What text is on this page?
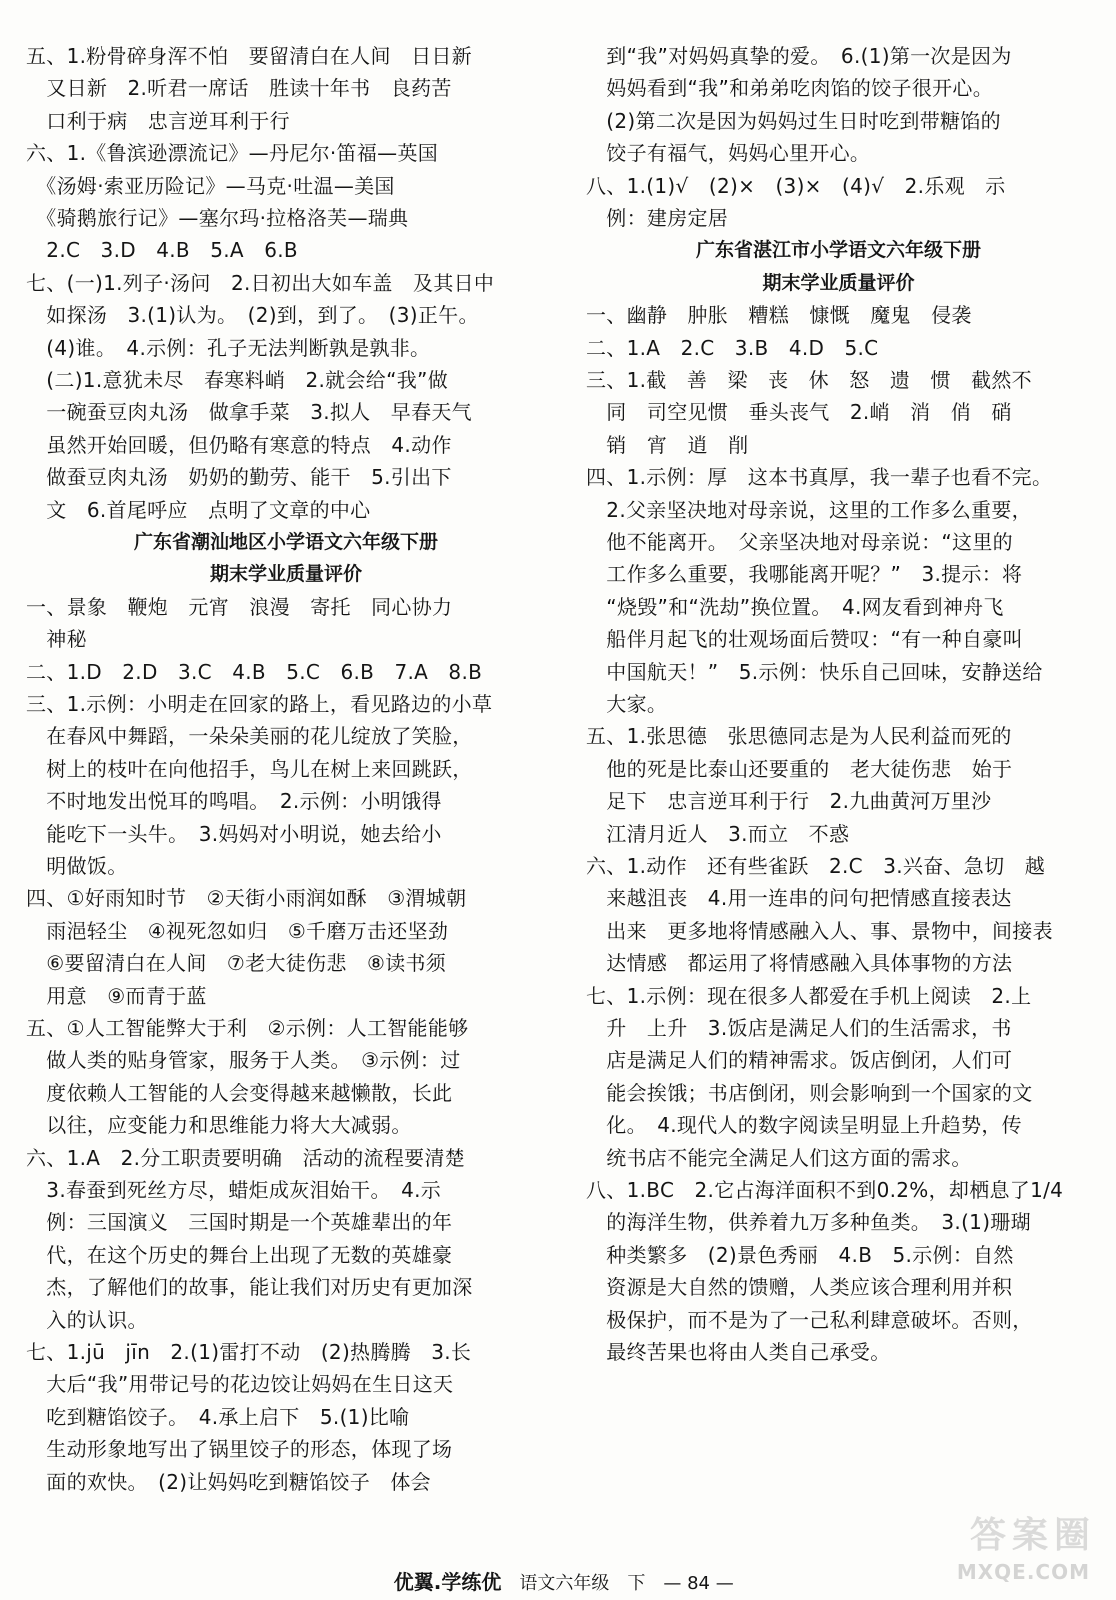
五、1.粉骨碎身浑不怕　要留清白在人间　日日新
　又日新　2.听君一席话　胜读十年书　良药苦
　口利于病　忠言逆耳利于行
六、1.《鲁滨逊漂流记》—丹尼尔·笛福—英国
　《汤姆·索亚历险记》—马克·吐温—美国
　《骑鹅旅行记》—塞尔玛·拉格洛芙—瑞典
　2.C　3.D　4.B　5.A　6.B
七、(一)1.列子·汤问　2.日初出大如车盖　及其日中
　如探汤　3.(1)认为。　(2)到，到了。　(3)正午。
　(4)谁。　4.示例：孔子无法判断孰是孰非。
　(二)1.意犹未尽　春寒料峭　2.就会给“我”做
　一碗蚕豆肉丸汤　做拿手菜　3.拟人　早春天气
　虽然开始回暖，但仍略有寒意的特点　4.动作
　做蚕豆肉丸汤　奶奶的勤劳、能干　5.引出下
　文　6.首尾呼应　点明了文章的中心
广东省潮汕地区小学语文六年级下册
期末学业质量评价
一、景象　鞭炮　元宵　浪漫　寄托　同心协力
　神秘
二、1.D　2.D　3.C　4.B　5.C　6.B　7.A　8.B
三、1.示例：小明走在回家的路上，看见路边的小草
　在春风中舞蹈，一朵朵美丽的花儿绽放了笑脸，
　树上的枝叶在向他招手，鸟儿在树上来回跳跃，
　不时地发出悦耳的鸣唱。　2.示例：小明饿得
　能吃下一头牛。　3.妈妈对小明说，她去给小
　明做饭。
四、①好雨知时节　②天街小雨润如酥　③渭城朝
　雨浥轻尘　④视死忽如归　⑤千磨万击还坚劲
　⑥要留清白在人间　⑦老大徒伤悲　⑧读书须
　用意　⑨而青于蓝
五、①人工智能弊大于利　②示例：人工智能能够
　做人类的贴身管家，服务于人类。　③示例：过
　度依赖人工智能的人会变得越来越懒散，长此
　以往，应变能力和思维能力将大大减弱。
六、1.A　2.分工职责要明确　活动的流程要清楚
　3.春蚕到死丝方尽，蜡炬成灰泪始干。　4.示
　例：三国演义　三国时期是一个英雄辈出的年
　代，在这个历史的舞台上出现了无数的英雄豪
　杰，了解他们的故事，能让我们对历史有更加深
　入的认识。
七、1.jū　jīn　2.(1)雷打不动　(2)热腾腾　3.长
　大后“我”用带记号的花边饺让妈妈在生日这天
　吃到糖馅饺子。　4.承上启下　5.(1)比喻
　生动形象地写出了锅里饺子的形态，体现了场
　面的欢快。　(2)让妈妈吃到糖馅饺子　体会
　到“我”对妈妈真挚的爱。　6.(1)第一次是因为
　妈妈看到“我”和弟弟吃肉馅的饺子很开心。
　(2)第二次是因为妈妈过生日时吃到带糖馅的
　饺子有福气，妈妈心里开心。
八、1.(1)√　(2)×　(3)×　(4)√　2.乐观　示
　例：建房定居
广东省湛江市小学语文六年级下册
期末学业质量评价
一、幽静　肿胀　糟糕　慷慨　魔鬼　侵袭
二、1.A　2.C　3.B　4.D　5.C
三、1.截　善　梁　丧　休　怒　遗　惯　截然不
　同　司空见惯　垂头丧气　2.峭　消　俏　硝
　销　宵　逍　削
四、1.示例：厚　这本书真厚，我一辈子也看不完。
　2.父亲坚决地对母亲说，这里的工作多么重要，
　他不能离开。　父亲坚决地对母亲说：“这里的
　工作多么重要，我哪能离开呢？”　3.提示：将
　“烧毁”和“洗劫”换位置。　4.网友看到神舟飞
　船伴月起飞的壮观场面后赞叹：“有一种自豪叫
　中国航天！”　5.示例：快乐自己回味，安静送给
　大家。
五、1.张思德　张思德同志是为人民利益而死的
　他的死是比泰山还要重的　老大徒伤悲　始于
　足下　忠言逆耳利于行　2.九曲黄河万里沙
　江清月近人　3.而立　不惑
六、1.动作　还有些雀跃　2.C　3.兴奋、急切　越
　来越沮丧　4.用一连串的问句把情感直接表达
　出来　更多地将情感融入人、事、景物中，间接表
　达情感　都运用了将情感融入具体事物的方法
七、1.示例：现在很多人都爱在手机上阅读　2.上
　升　上升　3.饭店是满足人们的生活需求，书
　店是满足人们的精神需求。饭店倒闭，人们可
　能会挨饿；书店倒闭，则会影响到一个国家的文
　化。　4.现代人的数字阅读呈明显上升趋势，传
　统书店不能完全满足人们这方面的需求。
八、1.BC　2.它占海洋面积不到0.2%，却栖息了1/4
　的海洋生物，供养着九万多种鱼类。　3.(1)珊瑚
　种类繁多　(2)景色秀丽　4.B　5.示例：自然
　资源是大自然的馈赠，人类应该合理利用并积
　极保护，而不是为了一己私利肆意破坏。否则，
　最终苦果也将由人类自己承受。

优翼.学练优　 语文六年级　下　 — 84 —

答案圈
MXQE.COM
